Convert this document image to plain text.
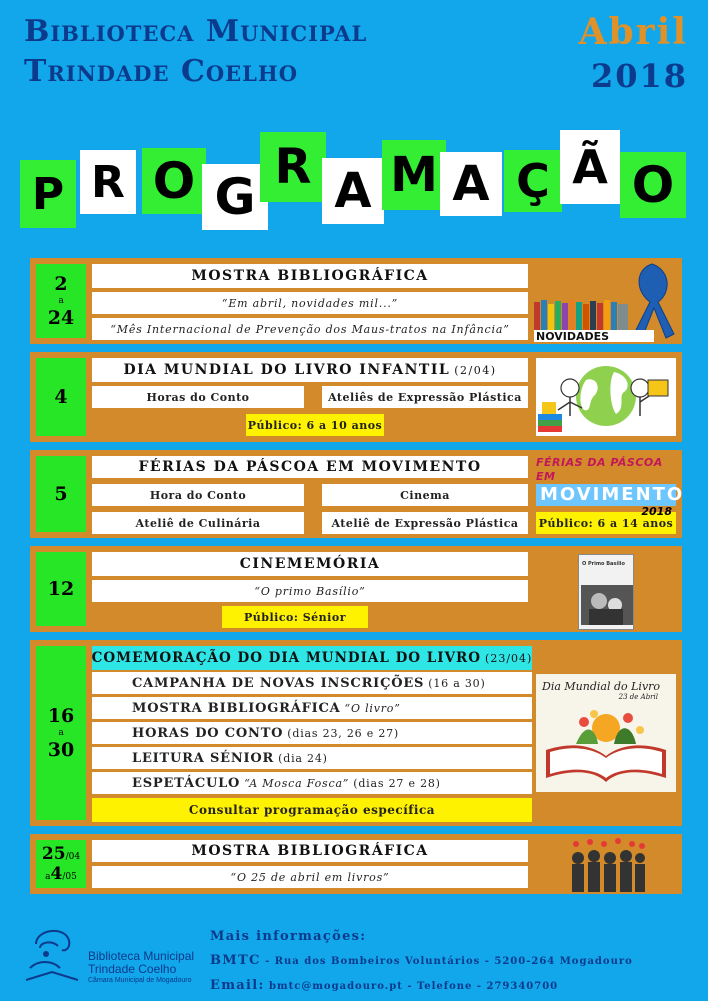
Biblioteca Municipal
Trindade Coelho
Abril
2018
P R O G
R A M A Ç Ã O
2
a
24
MOSTRA BIBLIOGRÁFICA
“Em abril, novidades mil...”
“Mês Internacional de Prevenção dos Maus-tratos na Infância”
NOVIDADES
4
DIA MUNDIAL DO LIVRO INFANTIL (2/04)
Horas do Conto	Ateliês de Expressão Plástica
Público: 6 a 10 anos
5
FÉRIAS DA PÁSCOA EM MOVIMENTO
Hora do Conto	Cinema
Ateliê de Culinária	Ateliê de Expressão Plástica	Público: 6 a 14 anos
FÉRIAS DA PÁSCOA EM
MOVIMENTO
2018
12
CINEMEMÓRIA
“O primo Basílio”
Público: Sénior
O Primo Basílio
16
a
30
COMEMORAÇÃO DO DIA MUNDIAL DO LIVRO (23/04)
CAMPANHA DE NOVAS INSCRIÇÕES (16 a 30)
MOSTRA BIBLIOGRÁFICA “O livro”
HORAS DO CONTO (dias 23, 26 e 27)
LEITURA SÉNIOR (dia 24)
ESPETÁCULO “A Mosca Fosca” (dias 27 e 28)
Consultar programação específica
Dia Mundial do Livro
23 de Abril
25/04
a4/05
MOSTRA BIBLIOGRÁFICA
“O 25 de abril em livros”
Biblioteca Municipal
Trindade Coelho
Câmara Municipal de Mogadouro
Mais informações:
BMTC - Rua dos Bombeiros Voluntários - 5200-264 Mogadouro
Email: bmtc@mogadouro.pt - Telefone - 279340700
